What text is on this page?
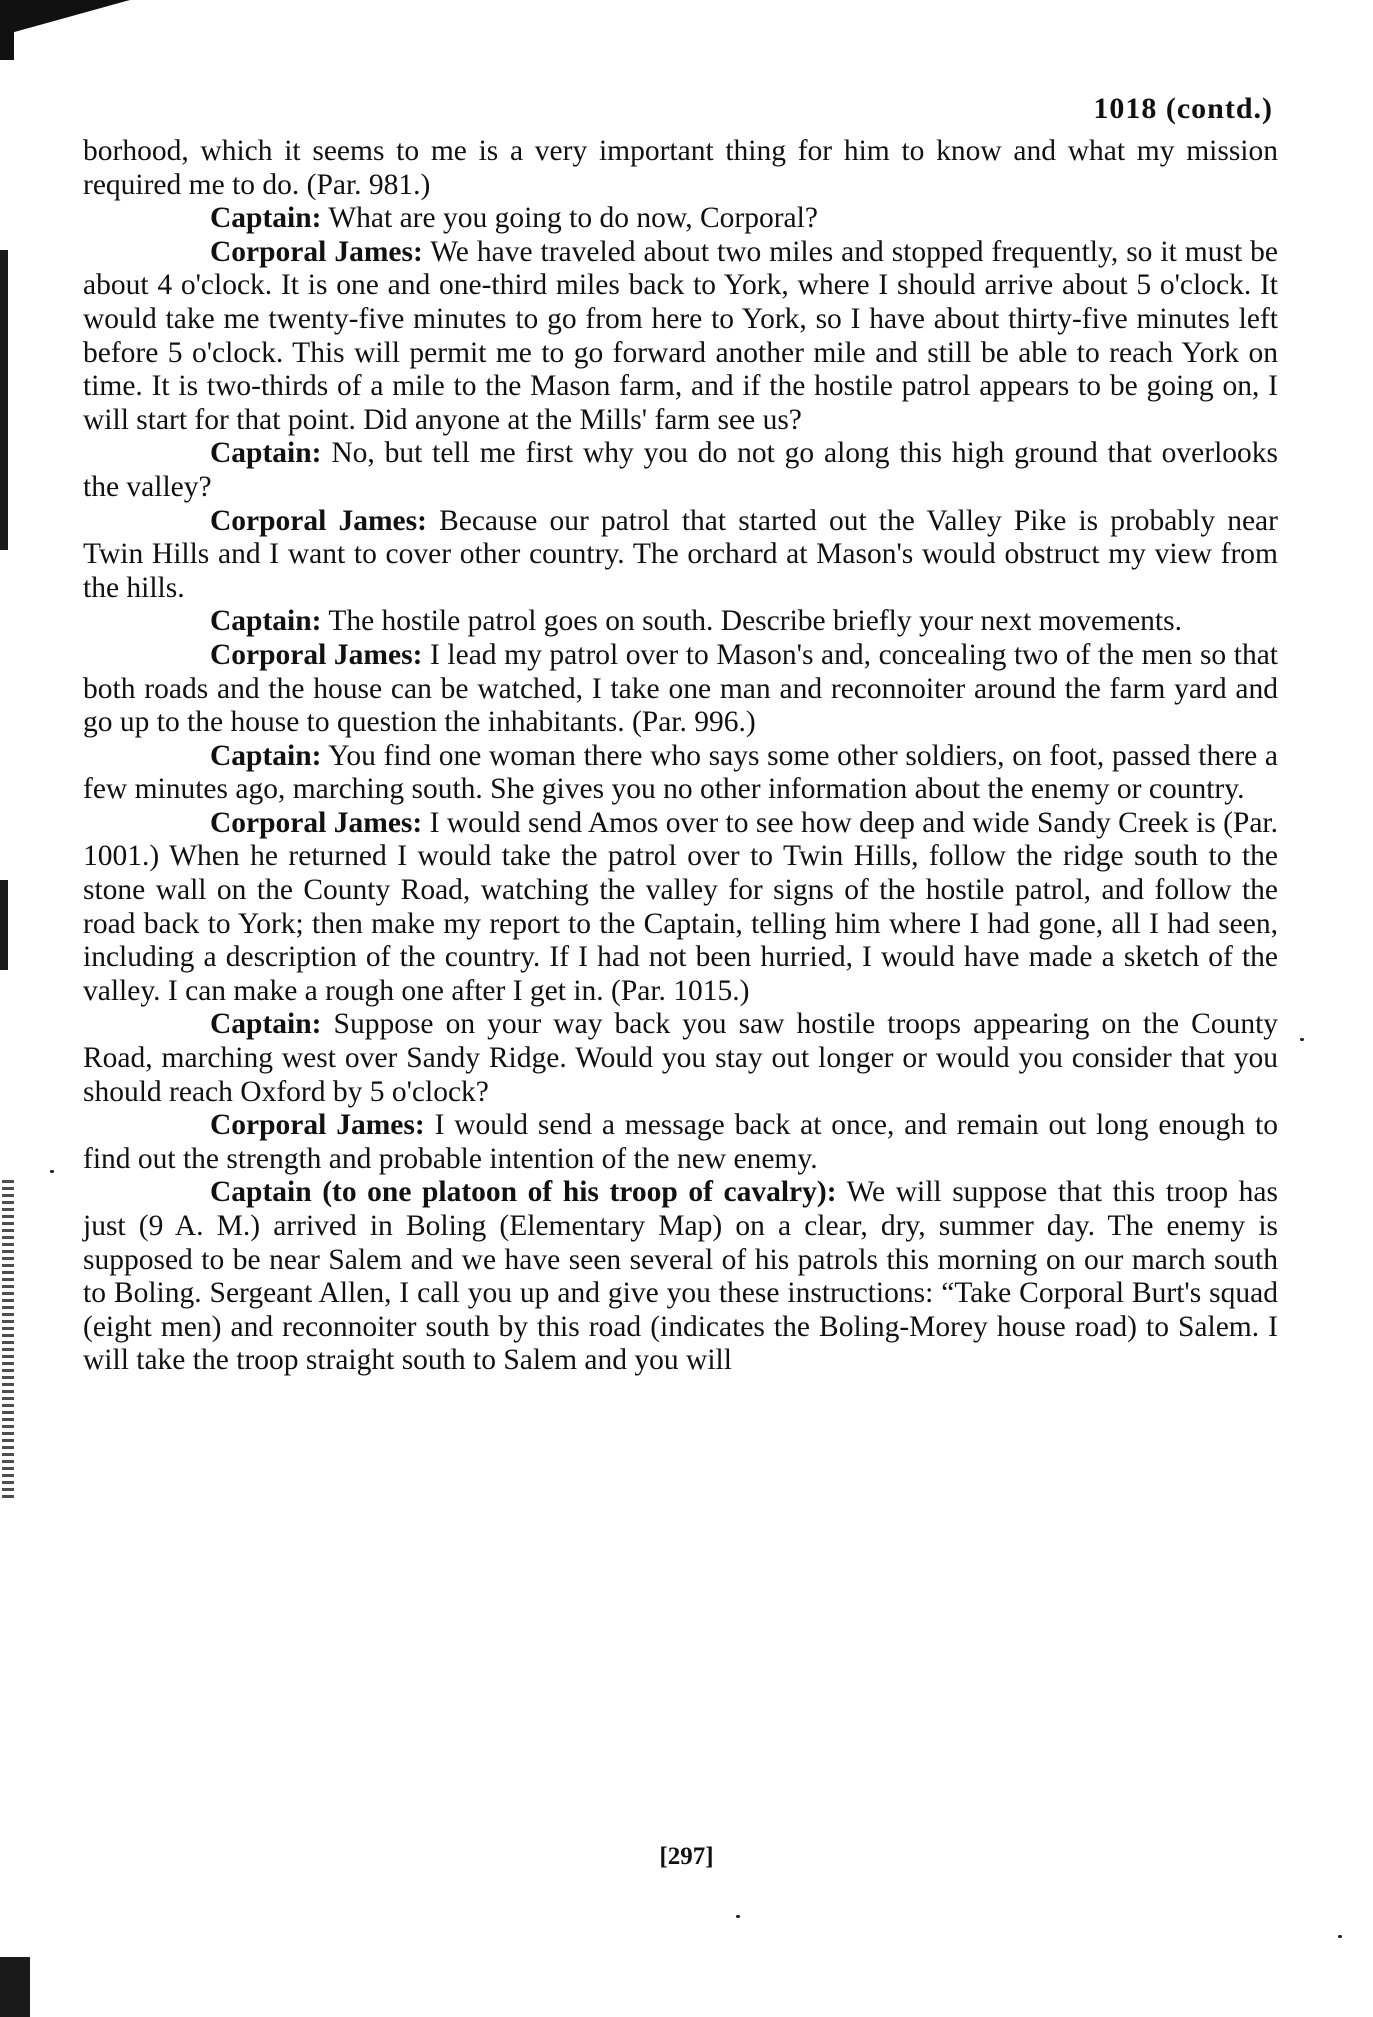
1018 (contd.)

borhood, which it seems to me is a very important thing for him to know and what my mission required me to do. (Par. 981.)

Captain: What are you going to do now, Corporal?

Corporal James: We have traveled about two miles and stopped frequently, so it must be about 4 o'clock. It is one and one-third miles back to York, where I should arrive about 5 o'clock. It would take me twenty-five minutes to go from here to York, so I have about thirty-five minutes left before 5 o'clock. This will permit me to go forward another mile and still be able to reach York on time. It is two-thirds of a mile to the Mason farm, and if the hostile patrol appears to be going on, I will start for that point. Did anyone at the Mills' farm see us?

Captain: No, but tell me first why you do not go along this high ground that overlooks the valley?

Corporal James: Because our patrol that started out the Valley Pike is probably near Twin Hills and I want to cover other country. The orchard at Mason's would obstruct my view from the hills.

Captain: The hostile patrol goes on south. Describe briefly your next movements.

Corporal James: I lead my patrol over to Mason's and, concealing two of the men so that both roads and the house can be watched, I take one man and reconnoiter around the farm yard and go up to the house to question the inhabitants. (Par. 996.)

Captain: You find one woman there who says some other soldiers, on foot, passed there a few minutes ago, marching south. She gives you no other information about the enemy or country.

Corporal James: I would send Amos over to see how deep and wide Sandy Creek is (Par. 1001.) When he returned I would take the patrol over to Twin Hills, follow the ridge south to the stone wall on the County Road, watching the valley for signs of the hostile patrol, and follow the road back to York; then make my report to the Captain, telling him where I had gone, all I had seen, including a description of the country. If I had not been hurried, I would have made a sketch of the valley. I can make a rough one after I get in. (Par. 1015.)

Captain: Suppose on your way back you saw hostile troops appearing on the County Road, marching west over Sandy Ridge. Would you stay out longer or would you consider that you should reach Oxford by 5 o'clock?

Corporal James: I would send a message back at once, and remain out long enough to find out the strength and probable intention of the new enemy.

Captain (to one platoon of his troop of cavalry): We will suppose that this troop has just (9 A. M.) arrived in Boling (Elementary Map) on a clear, dry, summer day. The enemy is supposed to be near Salem and we have seen several of his patrols this morning on our march south to Boling. Sergeant Allen, I call you up and give you these instructions: “Take Corporal Burt's squad (eight men) and reconnoiter south by this road (indicates the Boling-Morey house road) to Salem. I will take the troop straight south to Salem and you will

[297]
